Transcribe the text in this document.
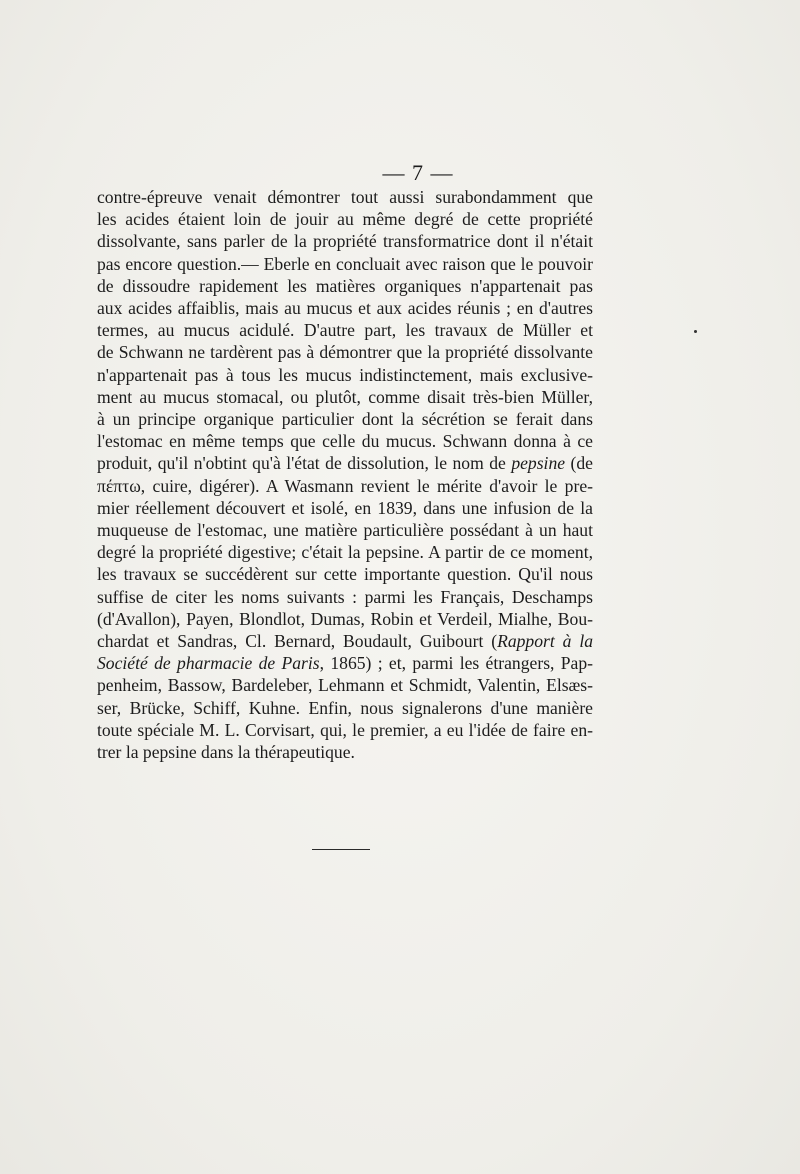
— 7 —
contre-épreuve venait démontrer tout aussi surabondamment que
les acides étaient loin de jouir au même degré de cette propriété
dissolvante, sans parler de la propriété transformatrice dont il n'était
pas encore question.— Eberle en concluait avec raison que le pouvoir
de dissoudre rapidement les matières organiques n'appartenait pas
aux acides affaiblis, mais au mucus et aux acides réunis ; en d'autres
termes, au mucus acidulé. D'autre part, les travaux de Müller et
de Schwann ne tardèrent pas à démontrer que la propriété dissolvante
n'appartenait pas à tous les mucus indistinctement, mais exclusive-
ment au mucus stomacal, ou plutôt, comme disait très-bien Müller,
à un principe organique particulier dont la sécrétion se ferait dans
l'estomac en même temps que celle du mucus. Schwann donna à ce
produit, qu'il n'obtint qu'à l'état de dissolution, le nom de pepsine (de
πέπτω, cuire, digérer). A Wasmann revient le mérite d'avoir le pre-
mier réellement découvert et isolé, en 1839, dans une infusion de la
muqueuse de l'estomac, une matière particulière possédant à un haut
degré la propriété digestive; c'était la pepsine. A partir de ce moment,
les travaux se succédèrent sur cette importante question. Qu'il nous
suffise de citer les noms suivants : parmi les Français, Deschamps
(d'Avallon), Payen, Blondlot, Dumas, Robin et Verdeil, Mialhe, Bou-
chardat et Sandras, Cl. Bernard, Boudault, Guibourt (Rapport à la
Société de pharmacie de Paris, 1865) ; et, parmi les étrangers, Pap-
penheim, Bassow, Bardeleber, Lehmann et Schmidt, Valentin, Elsæs-
ser, Brücke, Schiff, Kuhne. Enfin, nous signalerons d'une manière
toute spéciale M. L. Corvisart, qui, le premier, a eu l'idée de faire en-
trer la pepsine dans la thérapeutique.
